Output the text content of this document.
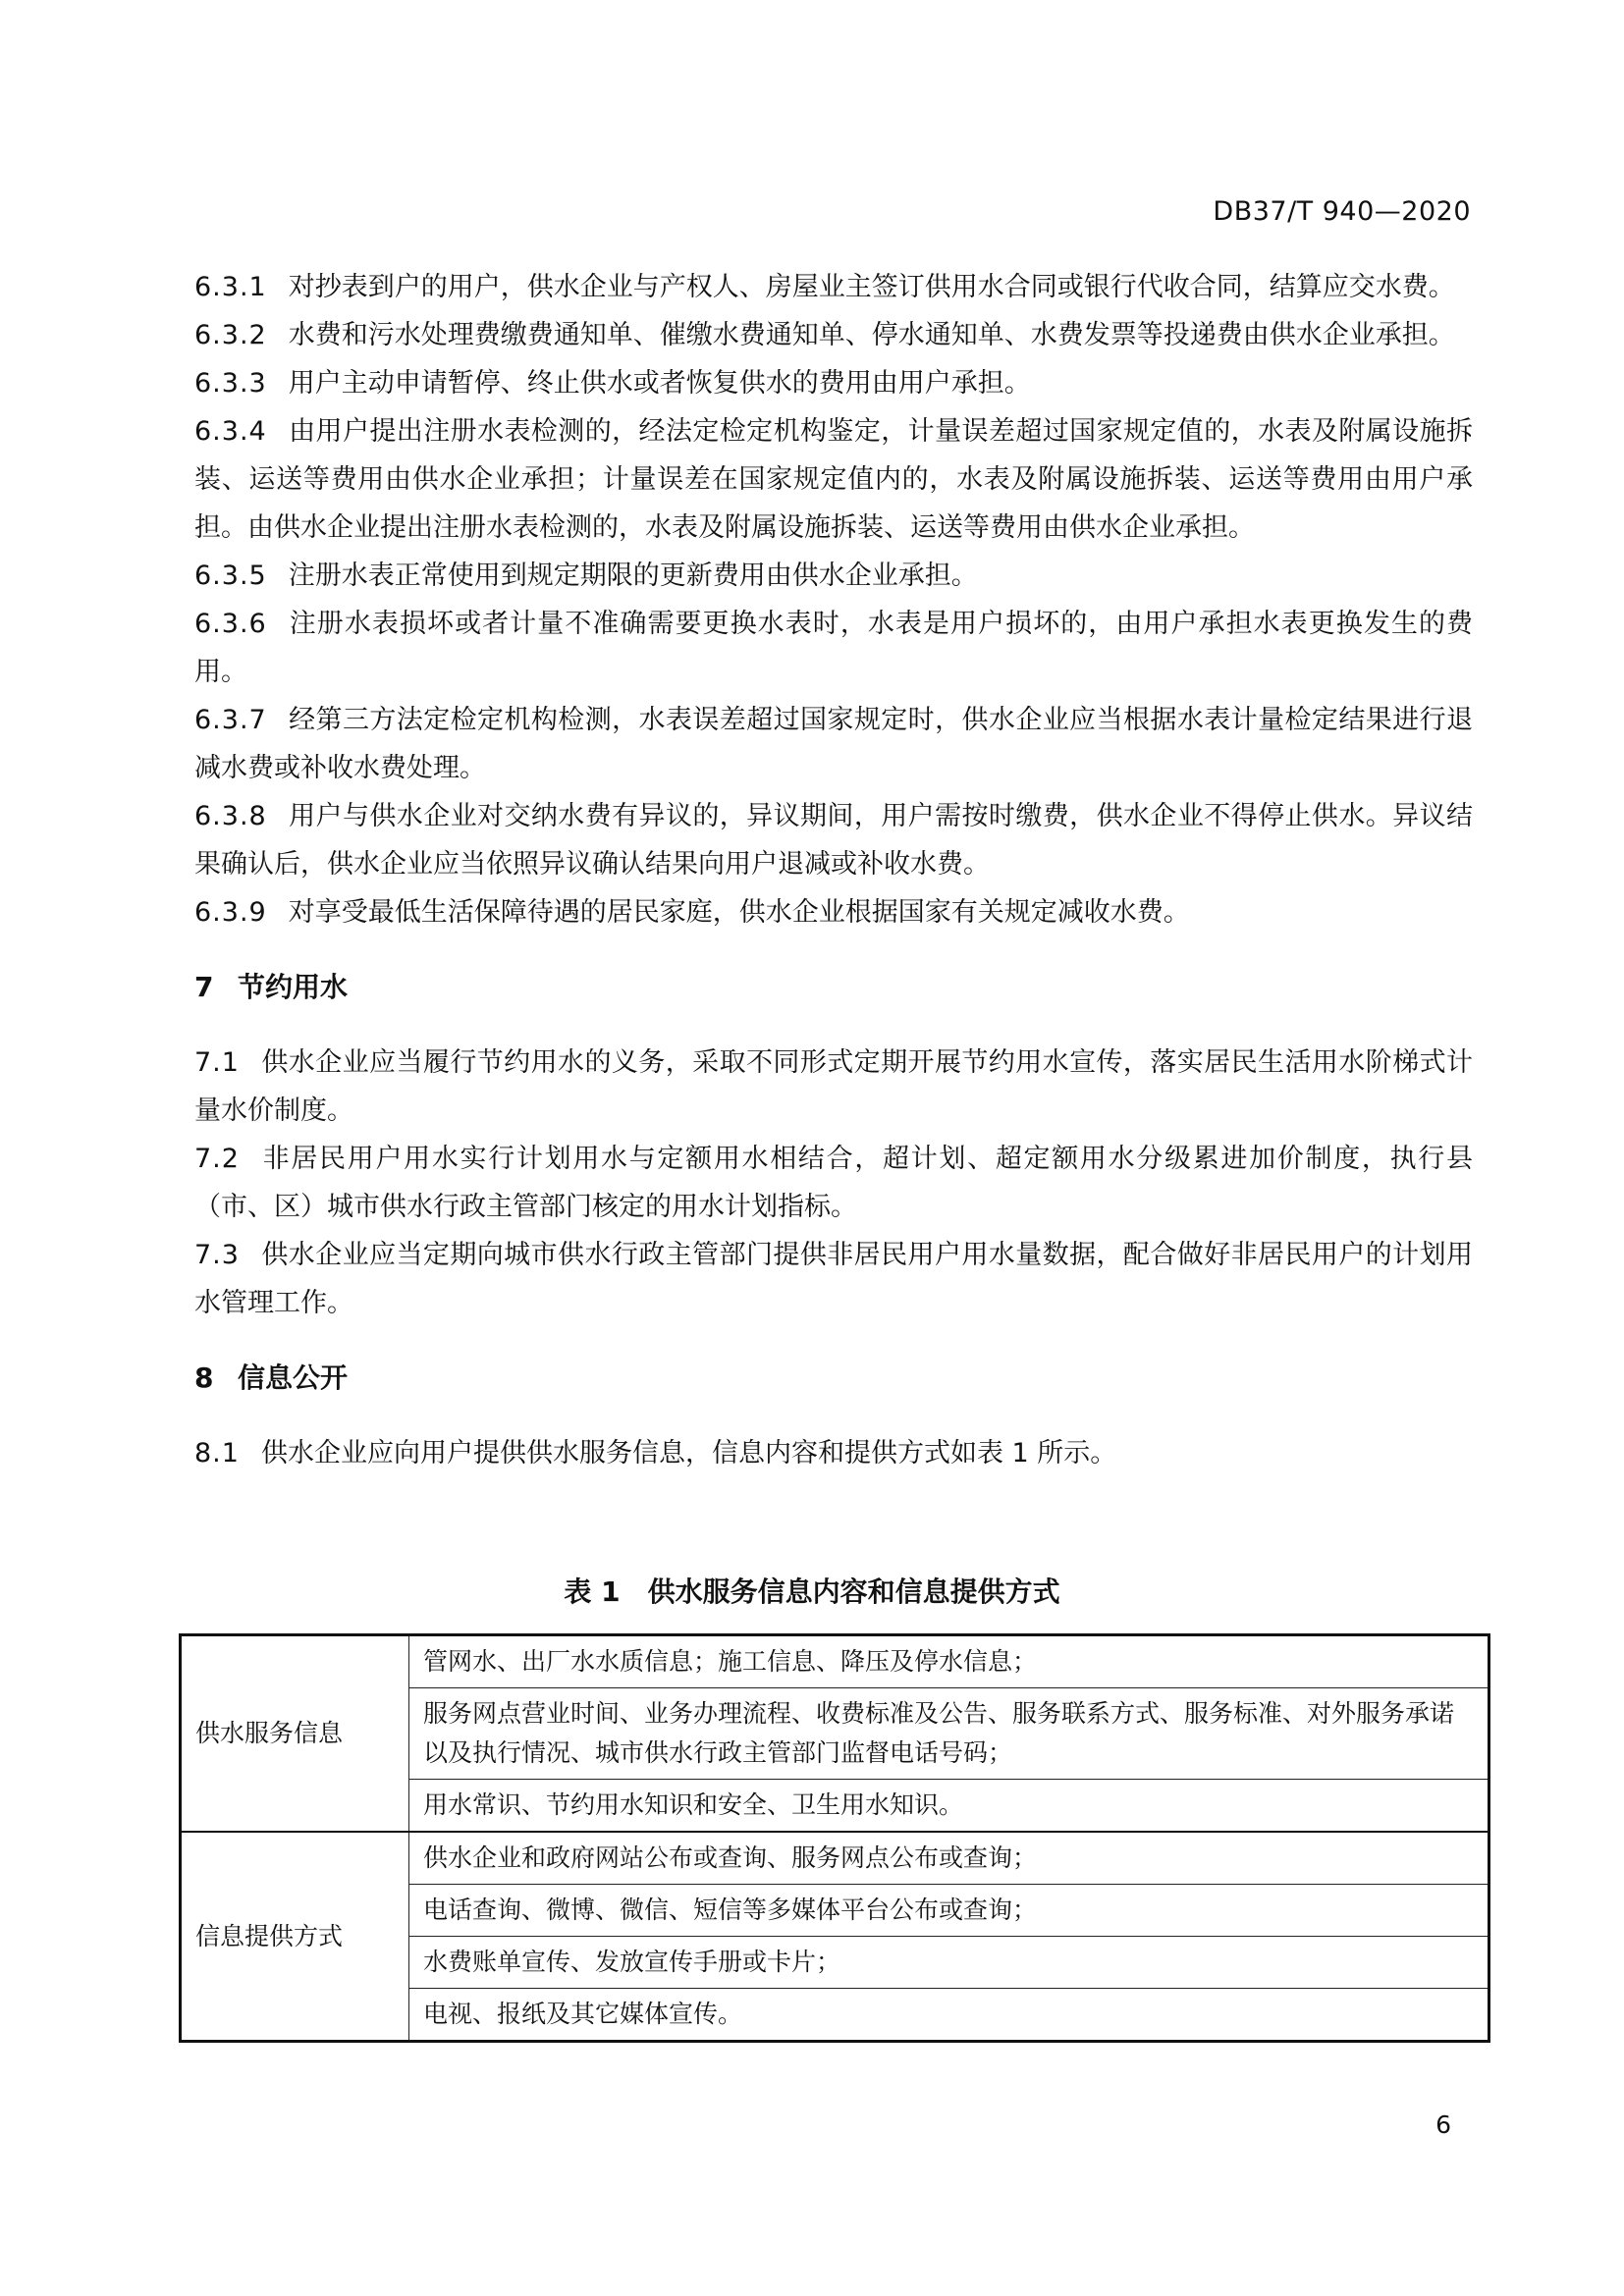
DB37/T 940—2020
6.3.1 对抄表到户的用户，供水企业与产权人、房屋业主签订供用水合同或银行代收合同，结算应交水费。
6.3.2 水费和污水处理费缴费通知单、催缴水费通知单、停水通知单、水费发票等投递费由供水企业承担。
6.3.3 用户主动申请暂停、终止供水或者恢复供水的费用由用户承担。
6.3.4 由用户提出注册水表检测的，经法定检定机构鉴定，计量误差超过国家规定值的，水表及附属设施拆装、运送等费用由供水企业承担；计量误差在国家规定值内的，水表及附属设施拆装、运送等费用由用户承担。由供水企业提出注册水表检测的，水表及附属设施拆装、运送等费用由供水企业承担。
6.3.5 注册水表正常使用到规定期限的更新费用由供水企业承担。
6.3.6 注册水表损坏或者计量不准确需要更换水表时，水表是用户损坏的，由用户承担水表更换发生的费用。
6.3.7 经第三方法定检定机构检测，水表误差超过国家规定时，供水企业应当根据水表计量检定结果进行退减水费或补收水费处理。
6.3.8 用户与供水企业对交纳水费有异议的，异议期间，用户需按时缴费，供水企业不得停止供水。异议结果确认后，供水企业应当依照异议确认结果向用户退减或补收水费。
6.3.9 对享受最低生活保障待遇的居民家庭，供水企业根据国家有关规定减收水费。
7 节约用水
7.1 供水企业应当履行节约用水的义务，采取不同形式定期开展节约用水宣传，落实居民生活用水阶梯式计量水价制度。
7.2 非居民用户用水实行计划用水与定额用水相结合，超计划、超定额用水分级累进加价制度，执行县（市、区）城市供水行政主管部门核定的用水计划指标。
7.3 供水企业应当定期向城市供水行政主管部门提供非居民用户用水量数据，配合做好非居民用户的计划用水管理工作。
8 信息公开
8.1 供水企业应向用户提供供水服务信息，信息内容和提供方式如表 1 所示。
表 1　供水服务信息内容和信息提供方式
供水服务信息	管网水、出厂水水质信息；施工信息、降压及停水信息；
	服务网点营业时间、业务办理流程、收费标准及公告、服务联系方式、服务标准、对外服务承诺以及执行情况、城市供水行政主管部门监督电话号码；
	用水常识、节约用水知识和安全、卫生用水知识。
信息提供方式	供水企业和政府网站公布或查询、服务网点公布或查询；
	电话查询、微博、微信、短信等多媒体平台公布或查询；
	水费账单宣传、发放宣传手册或卡片；
	电视、报纸及其它媒体宣传。
6
